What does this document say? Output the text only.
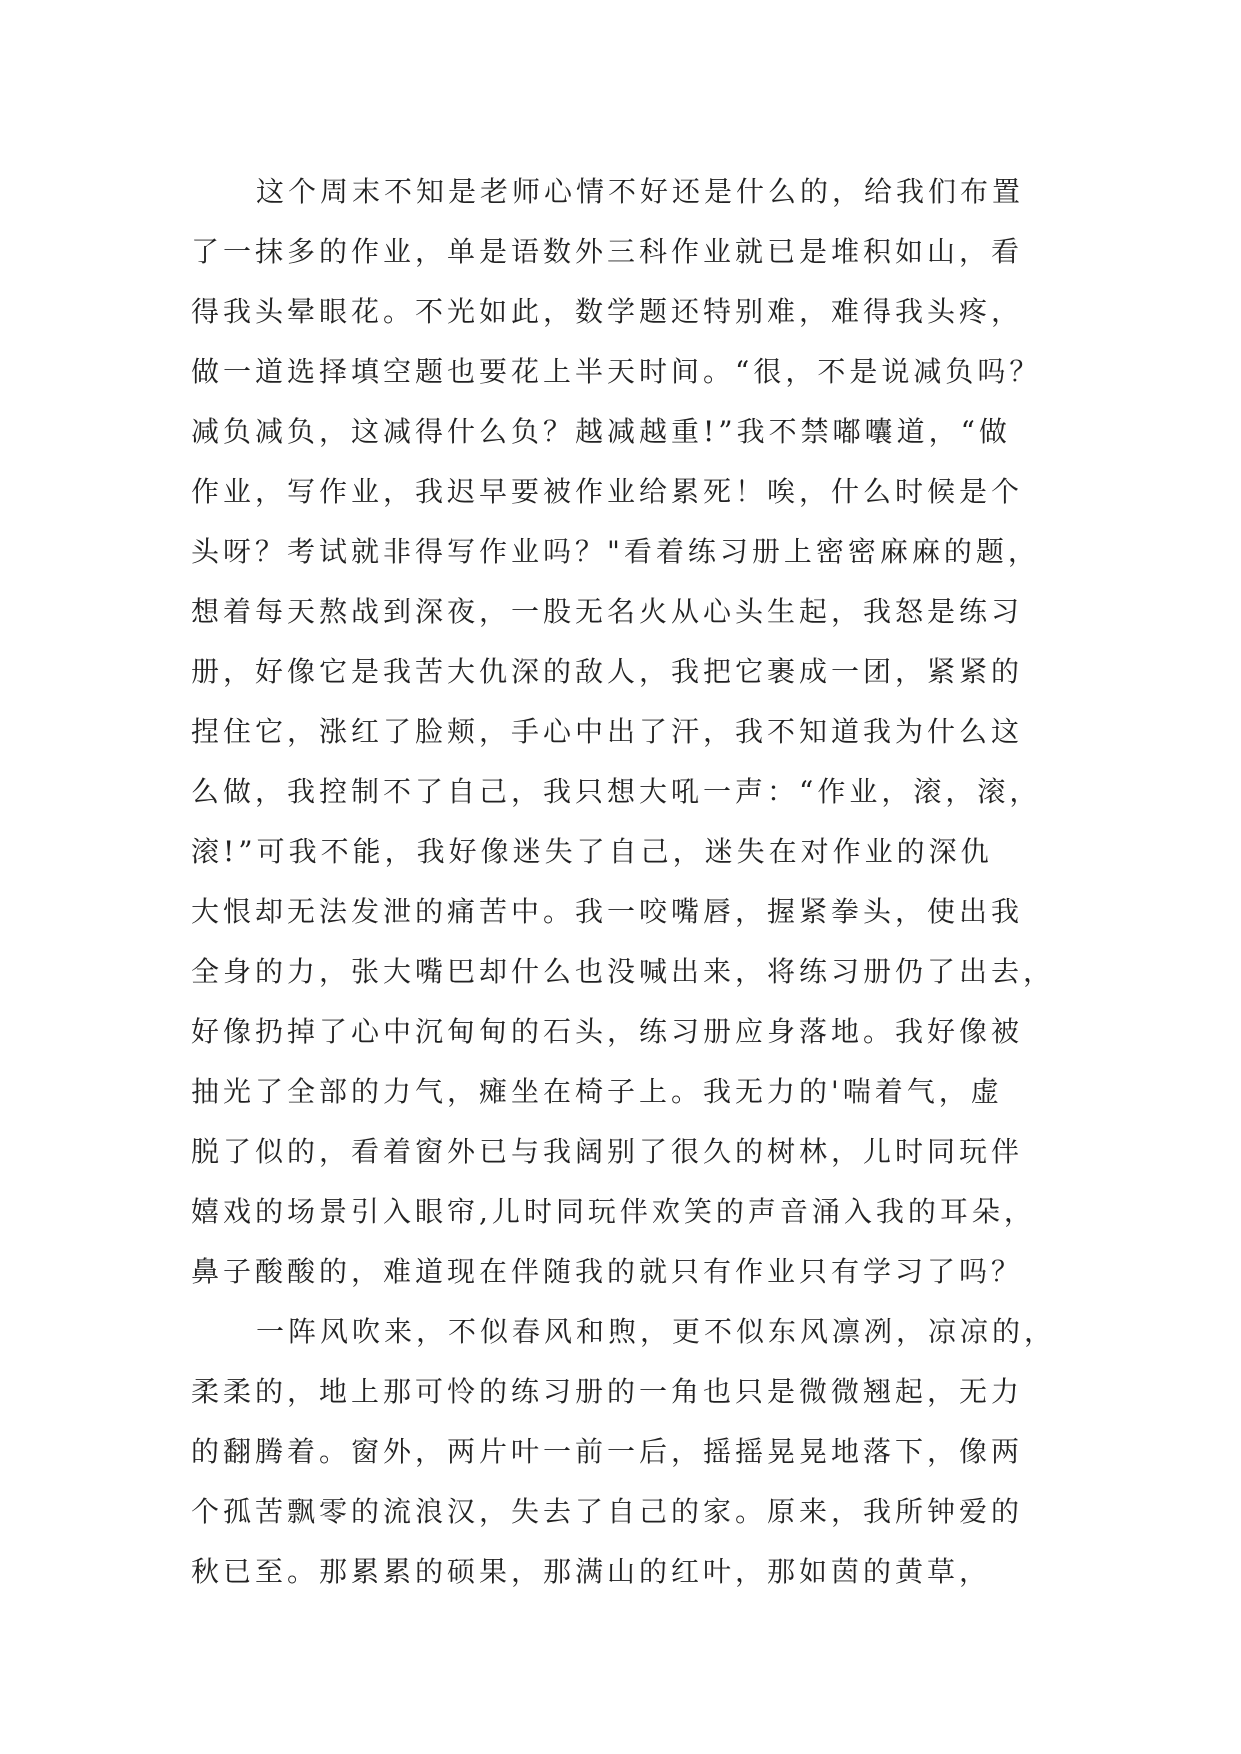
这个周末不知是老师心情不好还是什么的，给我们布置
了一抹多的作业，单是语数外三科作业就已是堆积如山，看
得我头晕眼花。不光如此，数学题还特别难，难得我头疼，
做一道选择填空题也要花上半天时间。“很，不是说减负吗？
减负减负，这减得什么负？越减越重!”我不禁嘟囔道，“做
作业，写作业，我迟早要被作业给累死！唉，什么时候是个
头呀？考试就非得写作业吗？"看着练习册上密密麻麻的题，
想着每天熬战到深夜，一股无名火从心头生起，我怒是练习
册，好像它是我苦大仇深的敌人，我把它裹成一团，紧紧的
捏住它，涨红了脸颊，手心中出了汗，我不知道我为什么这
么做，我控制不了自己，我只想大吼一声：“作业，滚，滚，
滚!”可我不能，我好像迷失了自己，迷失在对作业的深仇
大恨却无法发泄的痛苦中。我一咬嘴唇，握紧拳头，使出我
全身的力，张大嘴巴却什么也没喊出来，将练习册仍了出去，
好像扔掉了心中沉甸甸的石头，练习册应身落地。我好像被
抽光了全部的力气，瘫坐在椅子上。我无力的'喘着气，虚
脱了似的，看着窗外已与我阔别了很久的树林，儿时同玩伴
嬉戏的场景引入眼帘,儿时同玩伴欢笑的声音涌入我的耳朵，
鼻子酸酸的，难道现在伴随我的就只有作业只有学习了吗？
一阵风吹来，不似春风和煦，更不似东风凛冽，凉凉的，
柔柔的，地上那可怜的练习册的一角也只是微微翘起，无力
的翻腾着。窗外，两片叶一前一后，摇摇晃晃地落下，像两
个孤苦飘零的流浪汉，失去了自己的家。原来，我所钟爱的
秋已至。那累累的硕果，那满山的红叶，那如茵的黄草，
